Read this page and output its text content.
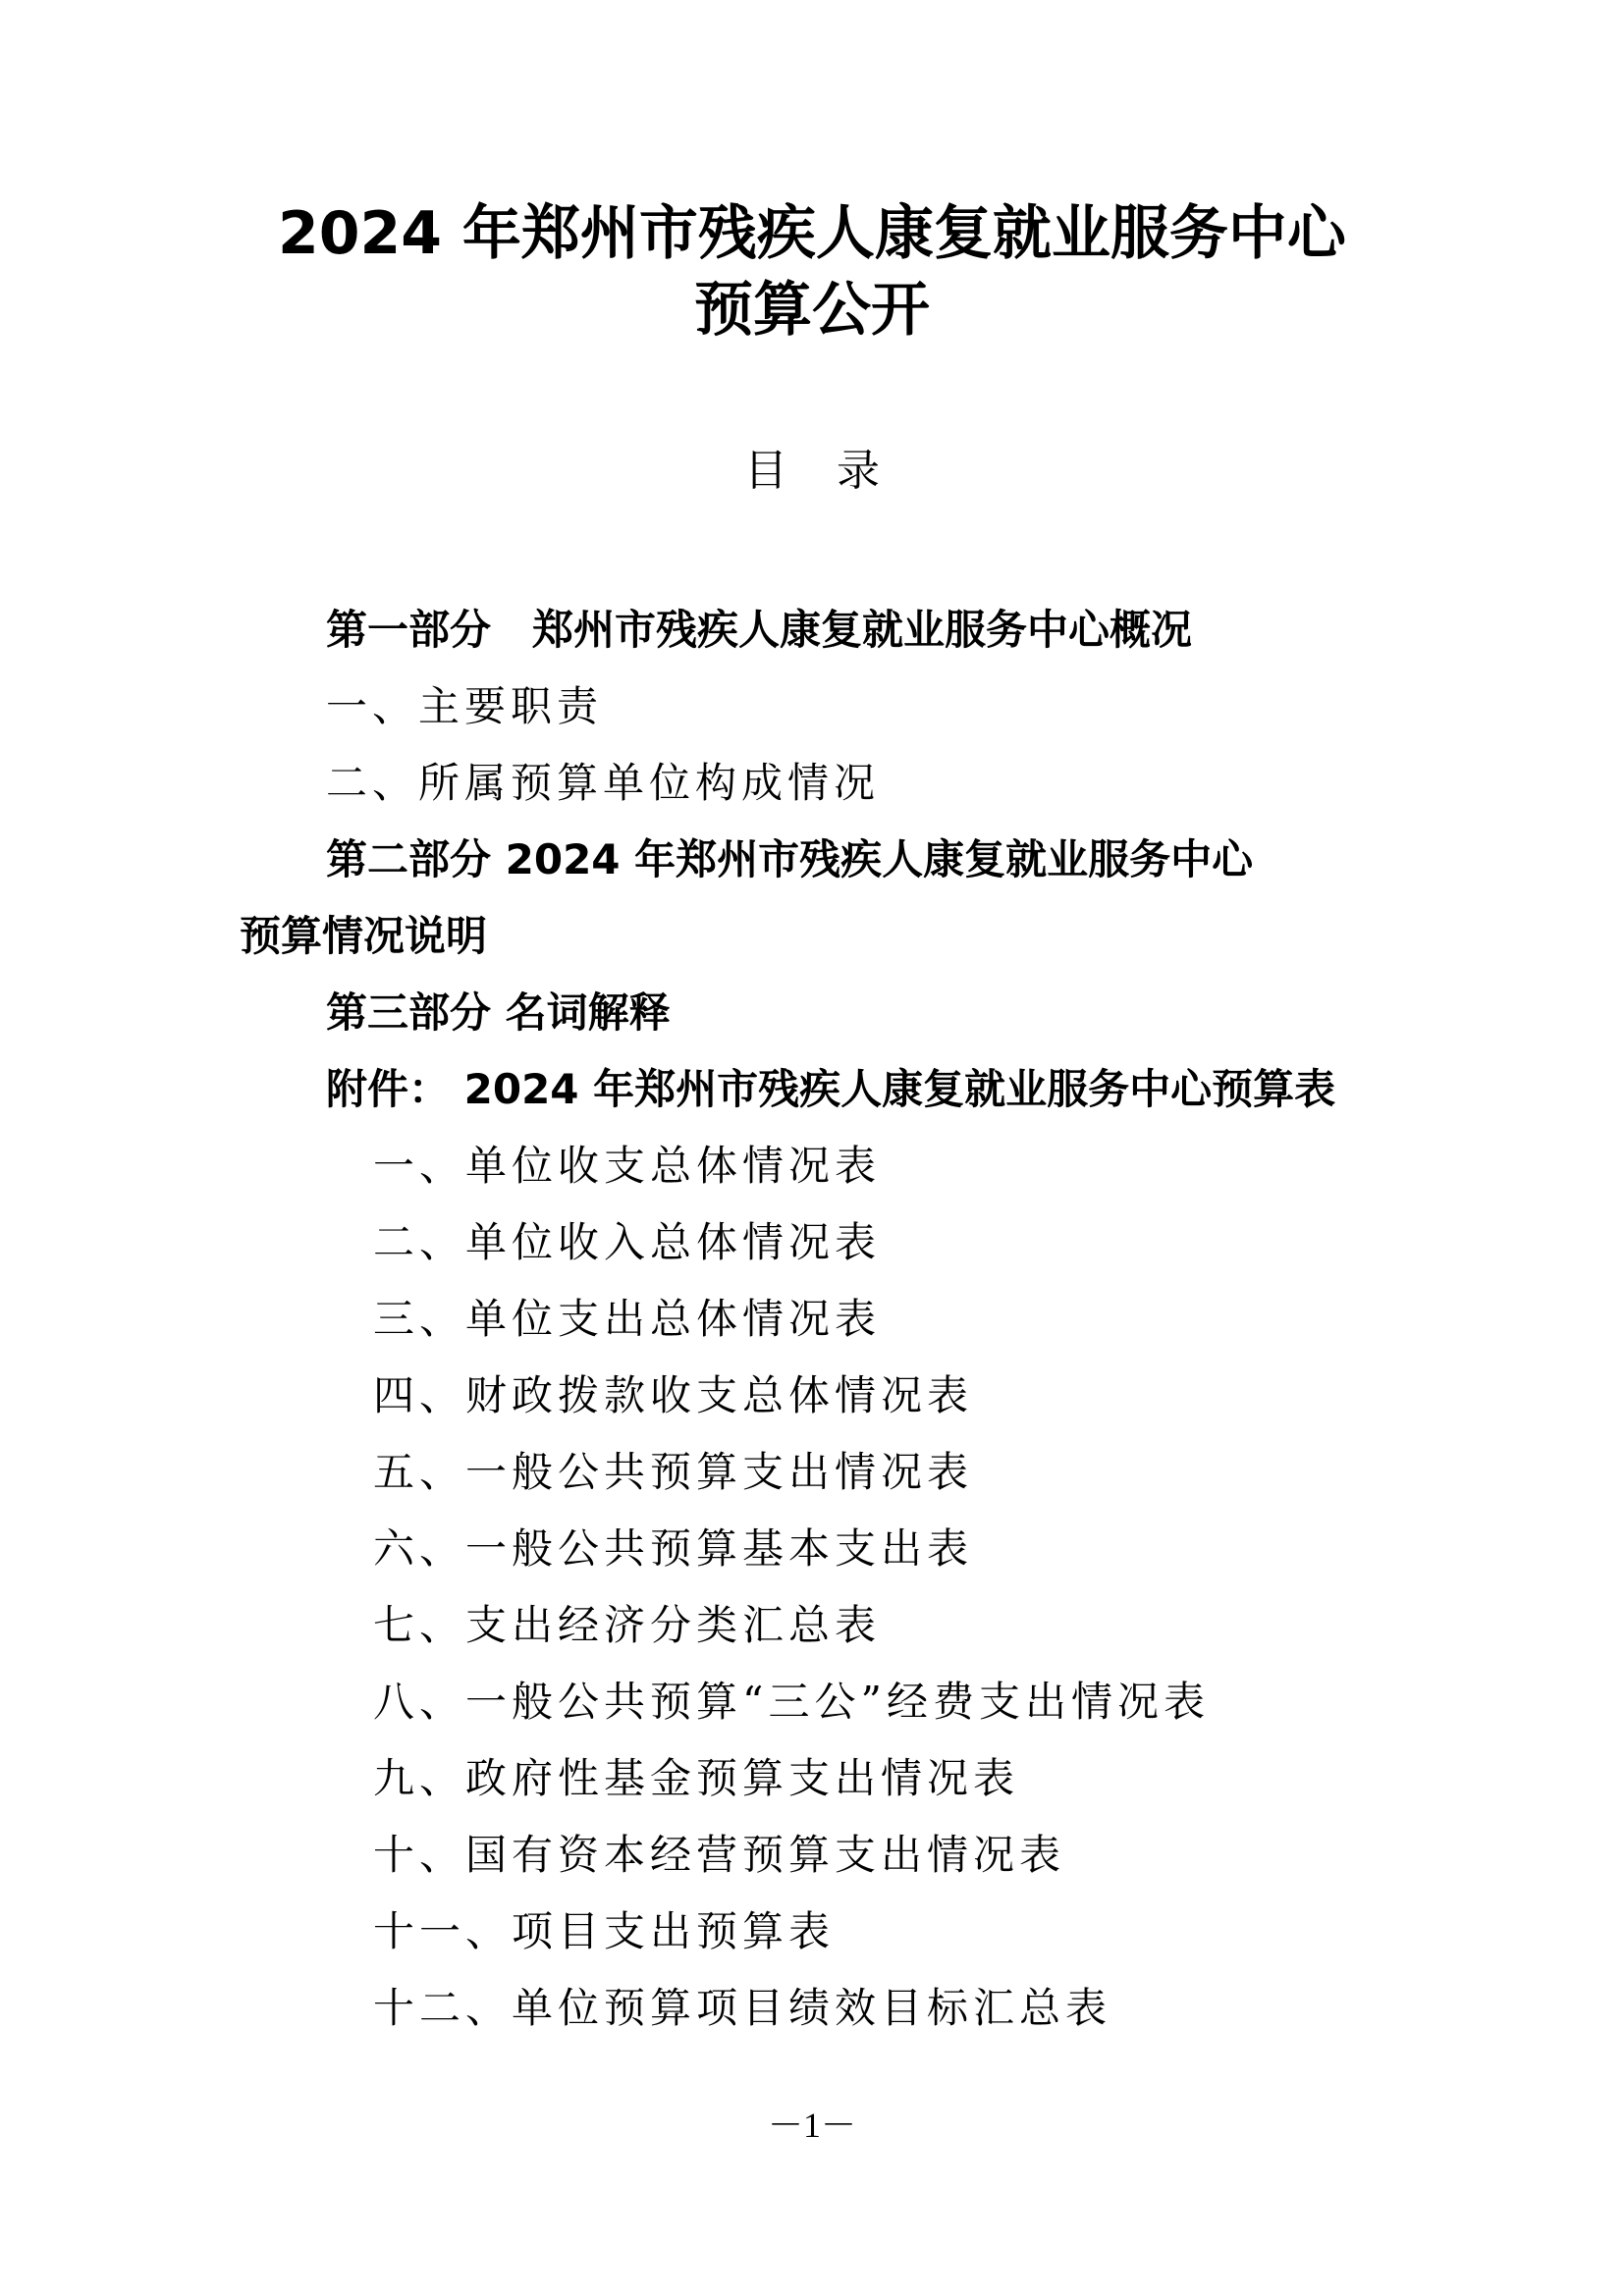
2024 年郑州市残疾人康复就业服务中心
预算公开
目录
第一部分　郑州市残疾人康复就业服务中心概况
一、主要职责
二、所属预算单位构成情况
第二部分 2024 年郑州市残疾人康复就业服务中心
预算情况说明
第三部分 名词解释
附件： 2024 年郑州市残疾人康复就业服务中心预算表
一、单位收支总体情况表
二、单位收入总体情况表
三、单位支出总体情况表
四、财政拨款收支总体情况表
五、一般公共预算支出情况表
六、一般公共预算基本支出表
七、支出经济分类汇总表
八、一般公共预算“三公”经费支出情况表
九、政府性基金预算支出情况表
十、国有资本经营预算支出情况表
十一、项目支出预算表
十二、单位预算项目绩效目标汇总表
－1－
